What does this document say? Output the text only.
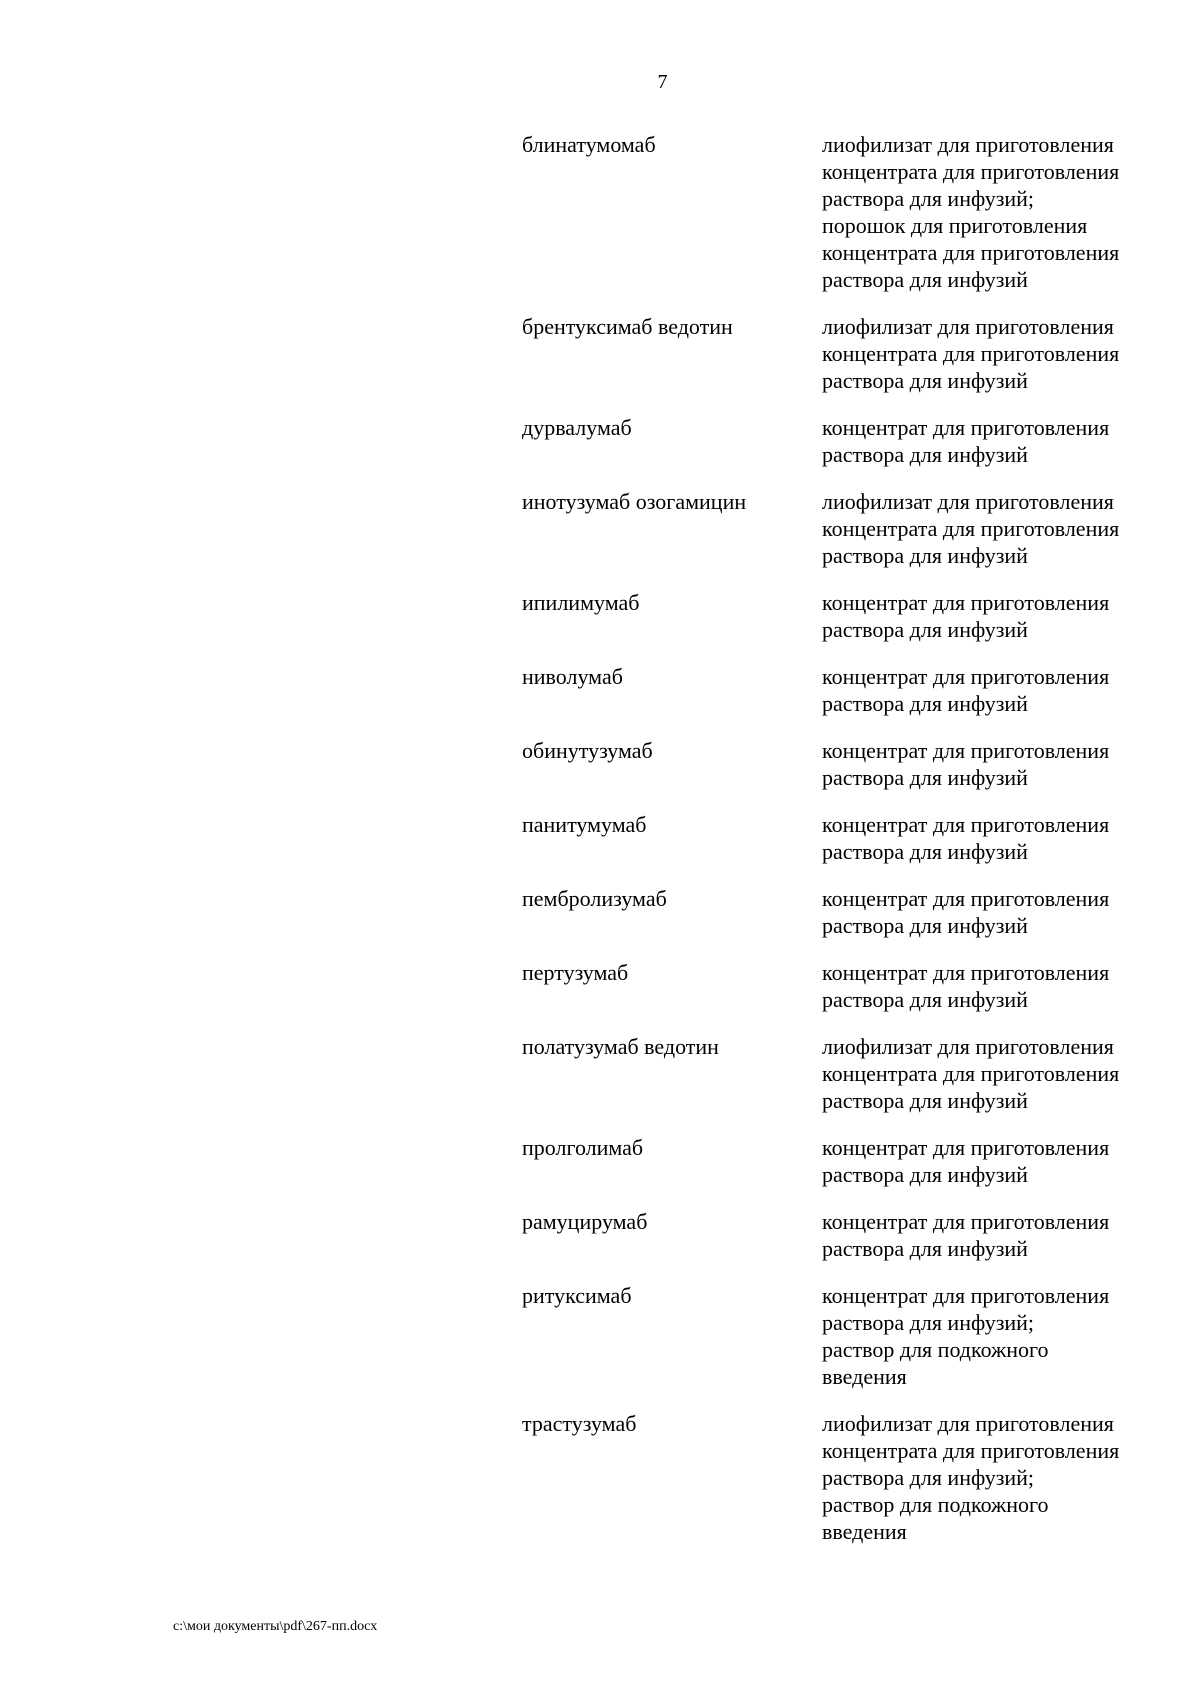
7
блинатумомаб	лиофилизат для приготовления
концентрата для приготовления
раствора для инфузий;
порошок для приготовления
концентрата для приготовления
раствора для инфузий
брентуксимаб ведотин	лиофилизат для приготовления
концентрата для приготовления
раствора для инфузий
дурвалумаб	концентрат для приготовления
раствора для инфузий
инотузумаб озогамицин	лиофилизат для приготовления
концентрата для приготовления
раствора для инфузий
ипилимумаб	концентрат для приготовления
раствора для инфузий
ниволумаб	концентрат для приготовления
раствора для инфузий
обинутузумаб	концентрат для приготовления
раствора для инфузий
панитумумаб	концентрат для приготовления
раствора для инфузий
пембролизумаб	концентрат для приготовления
раствора для инфузий
пертузумаб	концентрат для приготовления
раствора для инфузий
полатузумаб ведотин	лиофилизат для приготовления
концентрата для приготовления
раствора для инфузий
пролголимаб	концентрат для приготовления
раствора для инфузий
рамуцирумаб	концентрат для приготовления
раствора для инфузий
ритуксимаб	концентрат для приготовления
раствора для инфузий;
раствор для подкожного
введения
трастузумаб	лиофилизат для приготовления
концентрата для приготовления
раствора для инфузий;
раствор для подкожного
введения
c:\мои документы\pdf\267-пп.docx
